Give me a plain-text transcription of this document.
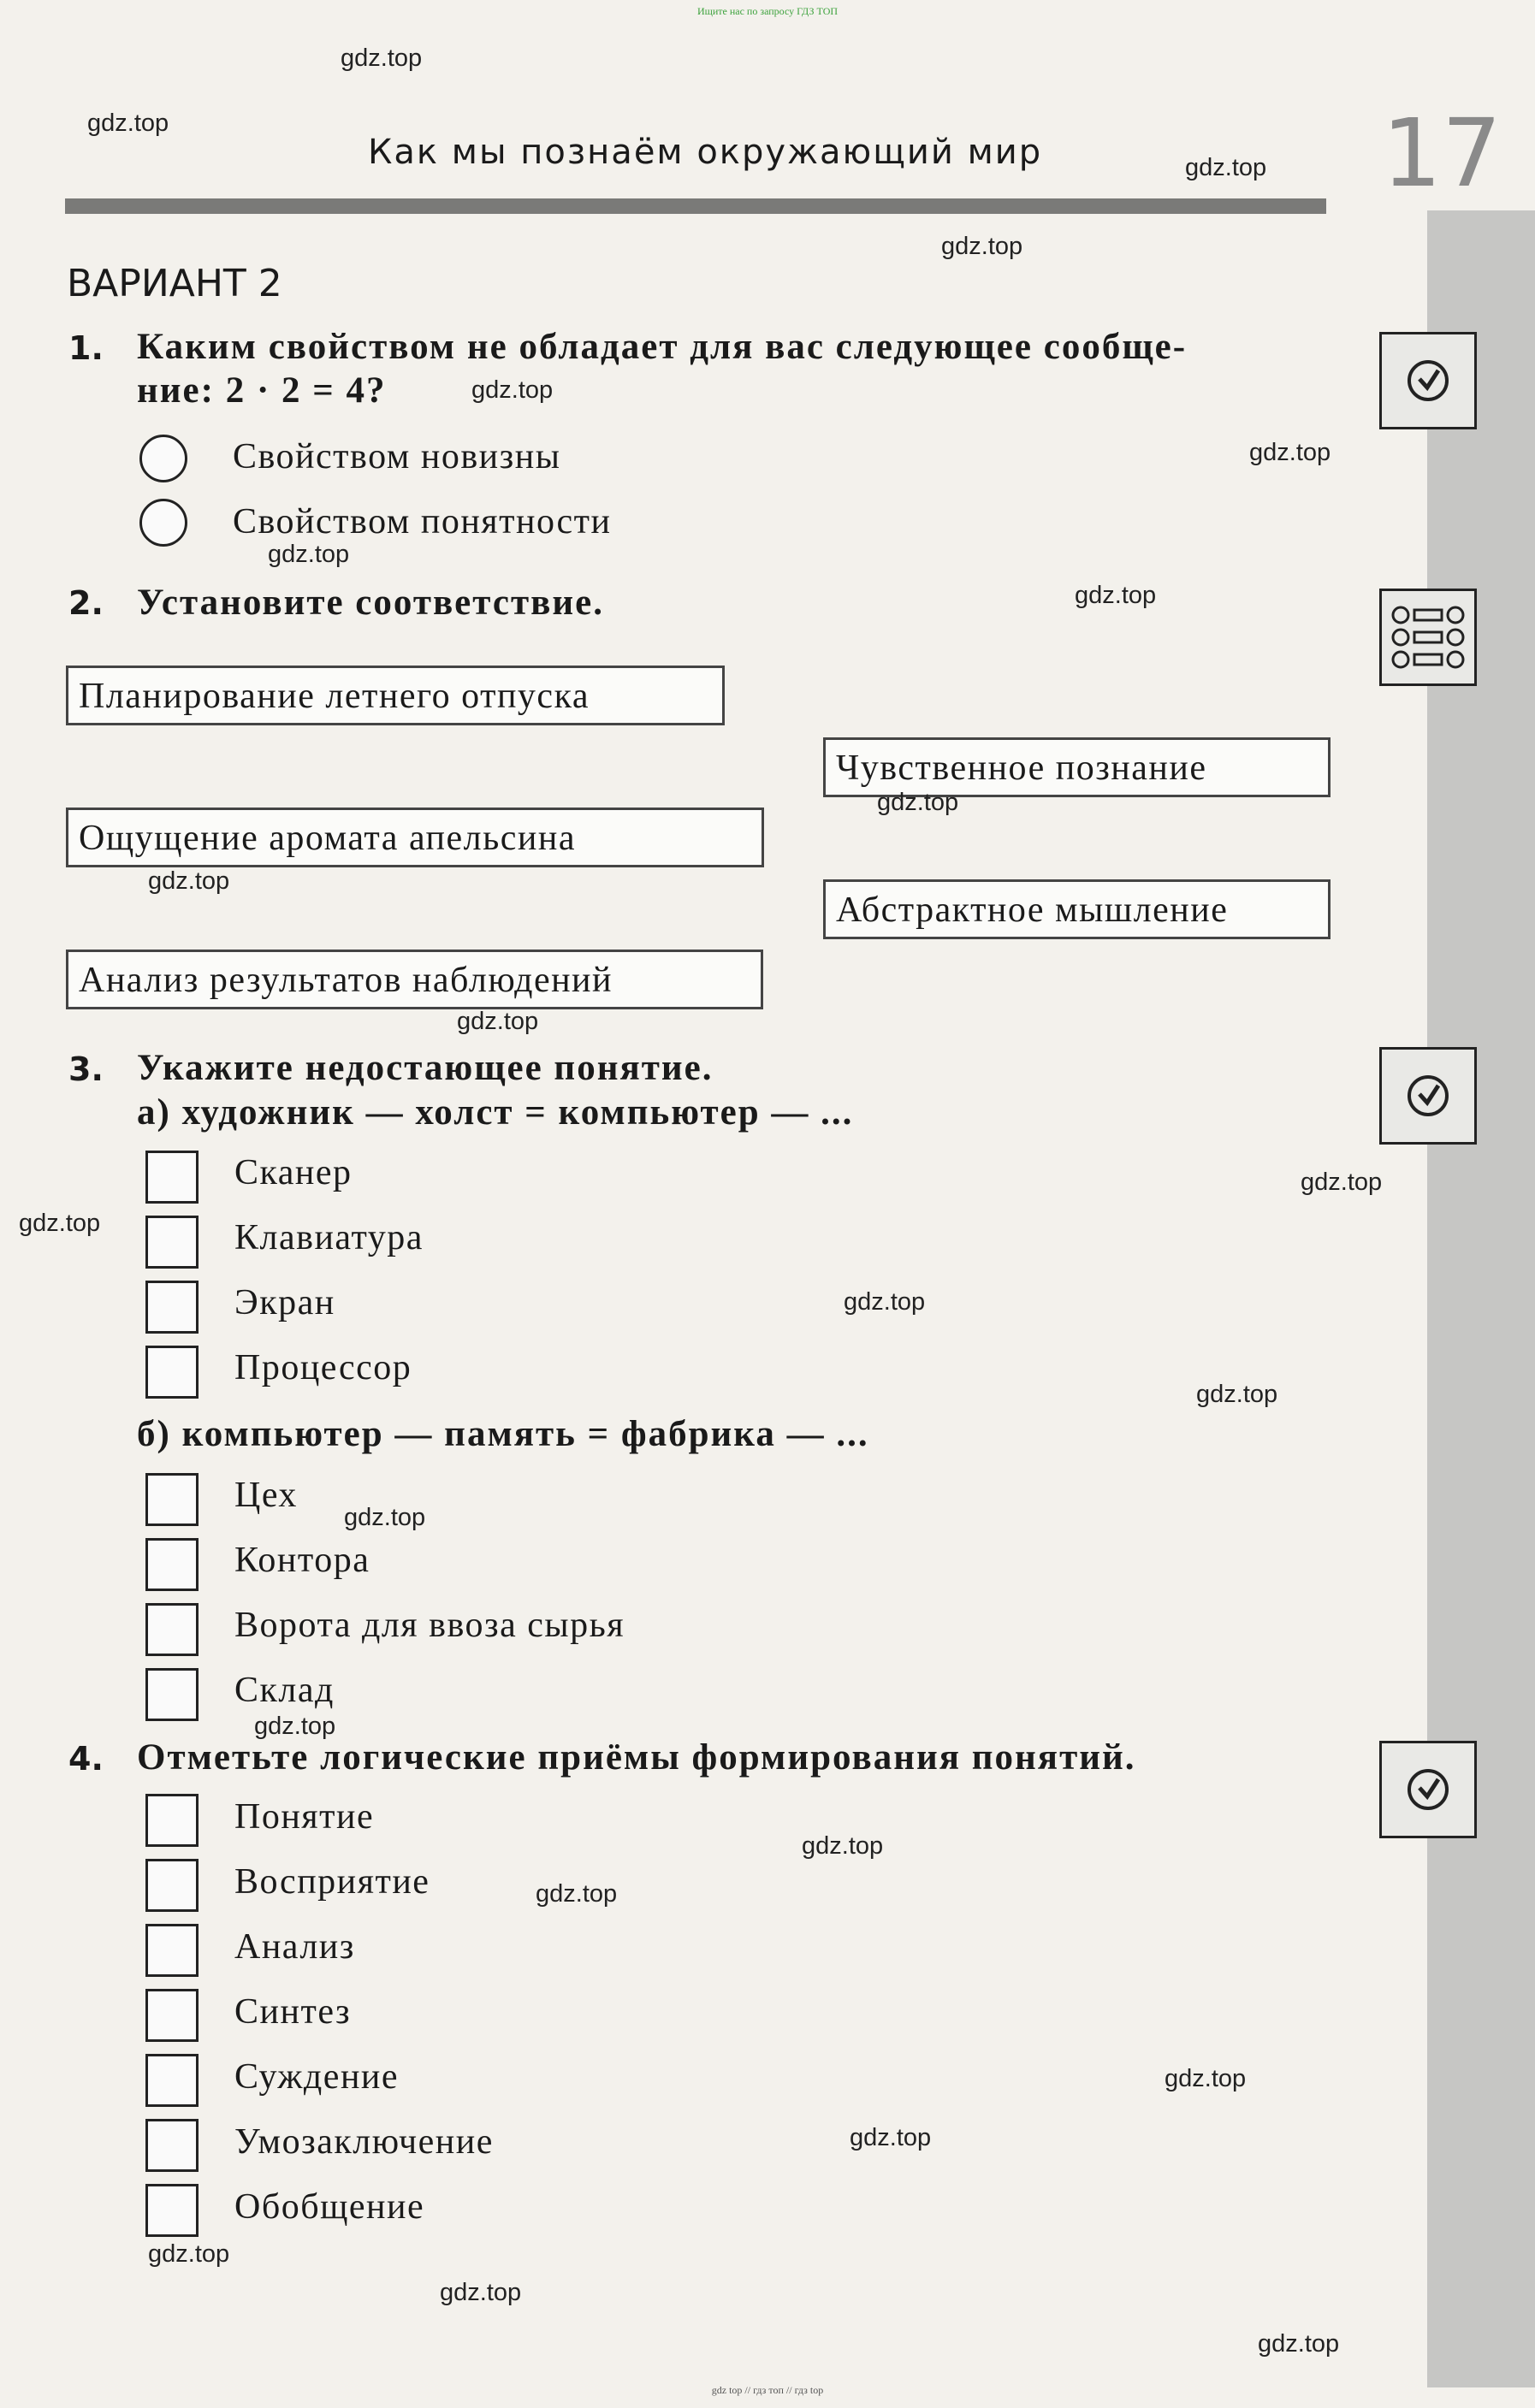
Ищите нас по запросу ГДЗ ТОП
gdz top // гдз топ // гдз top
Как мы познаём окружающий мир	17
ВАРИАНТ 2
1. Каким свойством не обладает для вас следующее сообще-
ние: 2 · 2 = 4?
Свойством новизны
Свойством понятности
2. Установите соответствие.
Планирование летнего отпуска
Чувственное познание
Ощущение аромата апельсина
Абстрактное мышление
Анализ результатов наблюдений
3. Укажите недостающее понятие.
а) художник — холст = компьютер — ...
Сканер
Клавиатура
Экран
Процессор
б) компьютер — память = фабрика — ...
Цех
Контора
Ворота для ввоза сырья
Склад
4. Отметьте логические приёмы формирования понятий.
Понятие
Восприятие
Анализ
Синтез
Суждение
Умозаключение
Обобщение
gdz.top
gdz.top
gdz.top
gdz.top
gdz.top
gdz.top
gdz.top
gdz.top
gdz.top
gdz.top
gdz.top
gdz.top
gdz.top
gdz.top
gdz.top
gdz.top
gdz.top
gdz.top
gdz.top
gdz.top
gdz.top
gdz.top
gdz.top
gdz.top
